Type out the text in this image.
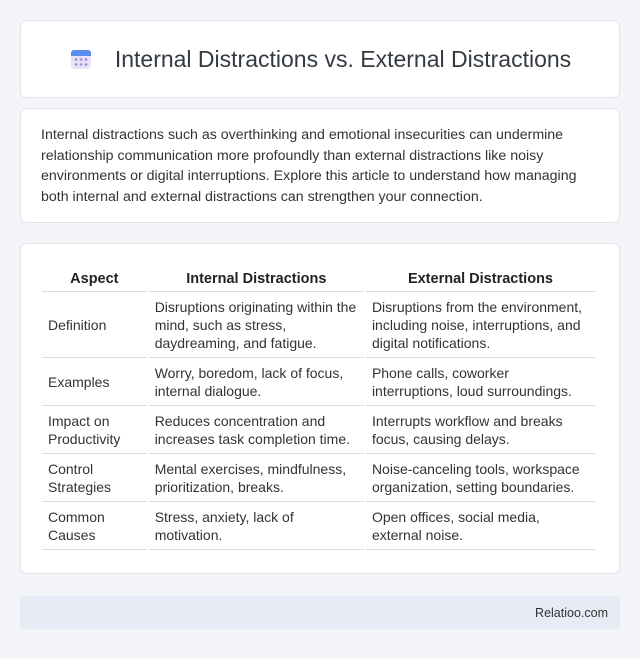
Internal Distractions vs. External Distractions

Internal distractions such as overthinking and emotional insecurities can undermine relationship communication more profoundly than external distractions like noisy environments or digital interruptions. Explore this article to understand how managing both internal and external distractions can strengthen your connection.

Aspect	Internal Distractions	External Distractions
Definition	Disruptions originating within the mind, such as stress, daydreaming, and fatigue.	Disruptions from the environment, including noise, interruptions, and digital notifications.
Examples	Worry, boredom, lack of focus, internal dialogue.	Phone calls, coworker interruptions, loud surroundings.
Impact on Productivity	Reduces concentration and increases task completion time.	Interrupts workflow and breaks focus, causing delays.
Control Strategies	Mental exercises, mindfulness, prioritization, breaks.	Noise-canceling tools, workspace organization, setting boundaries.
Common Causes	Stress, anxiety, lack of motivation.	Open offices, social media, external noise.
Relatioo.com
